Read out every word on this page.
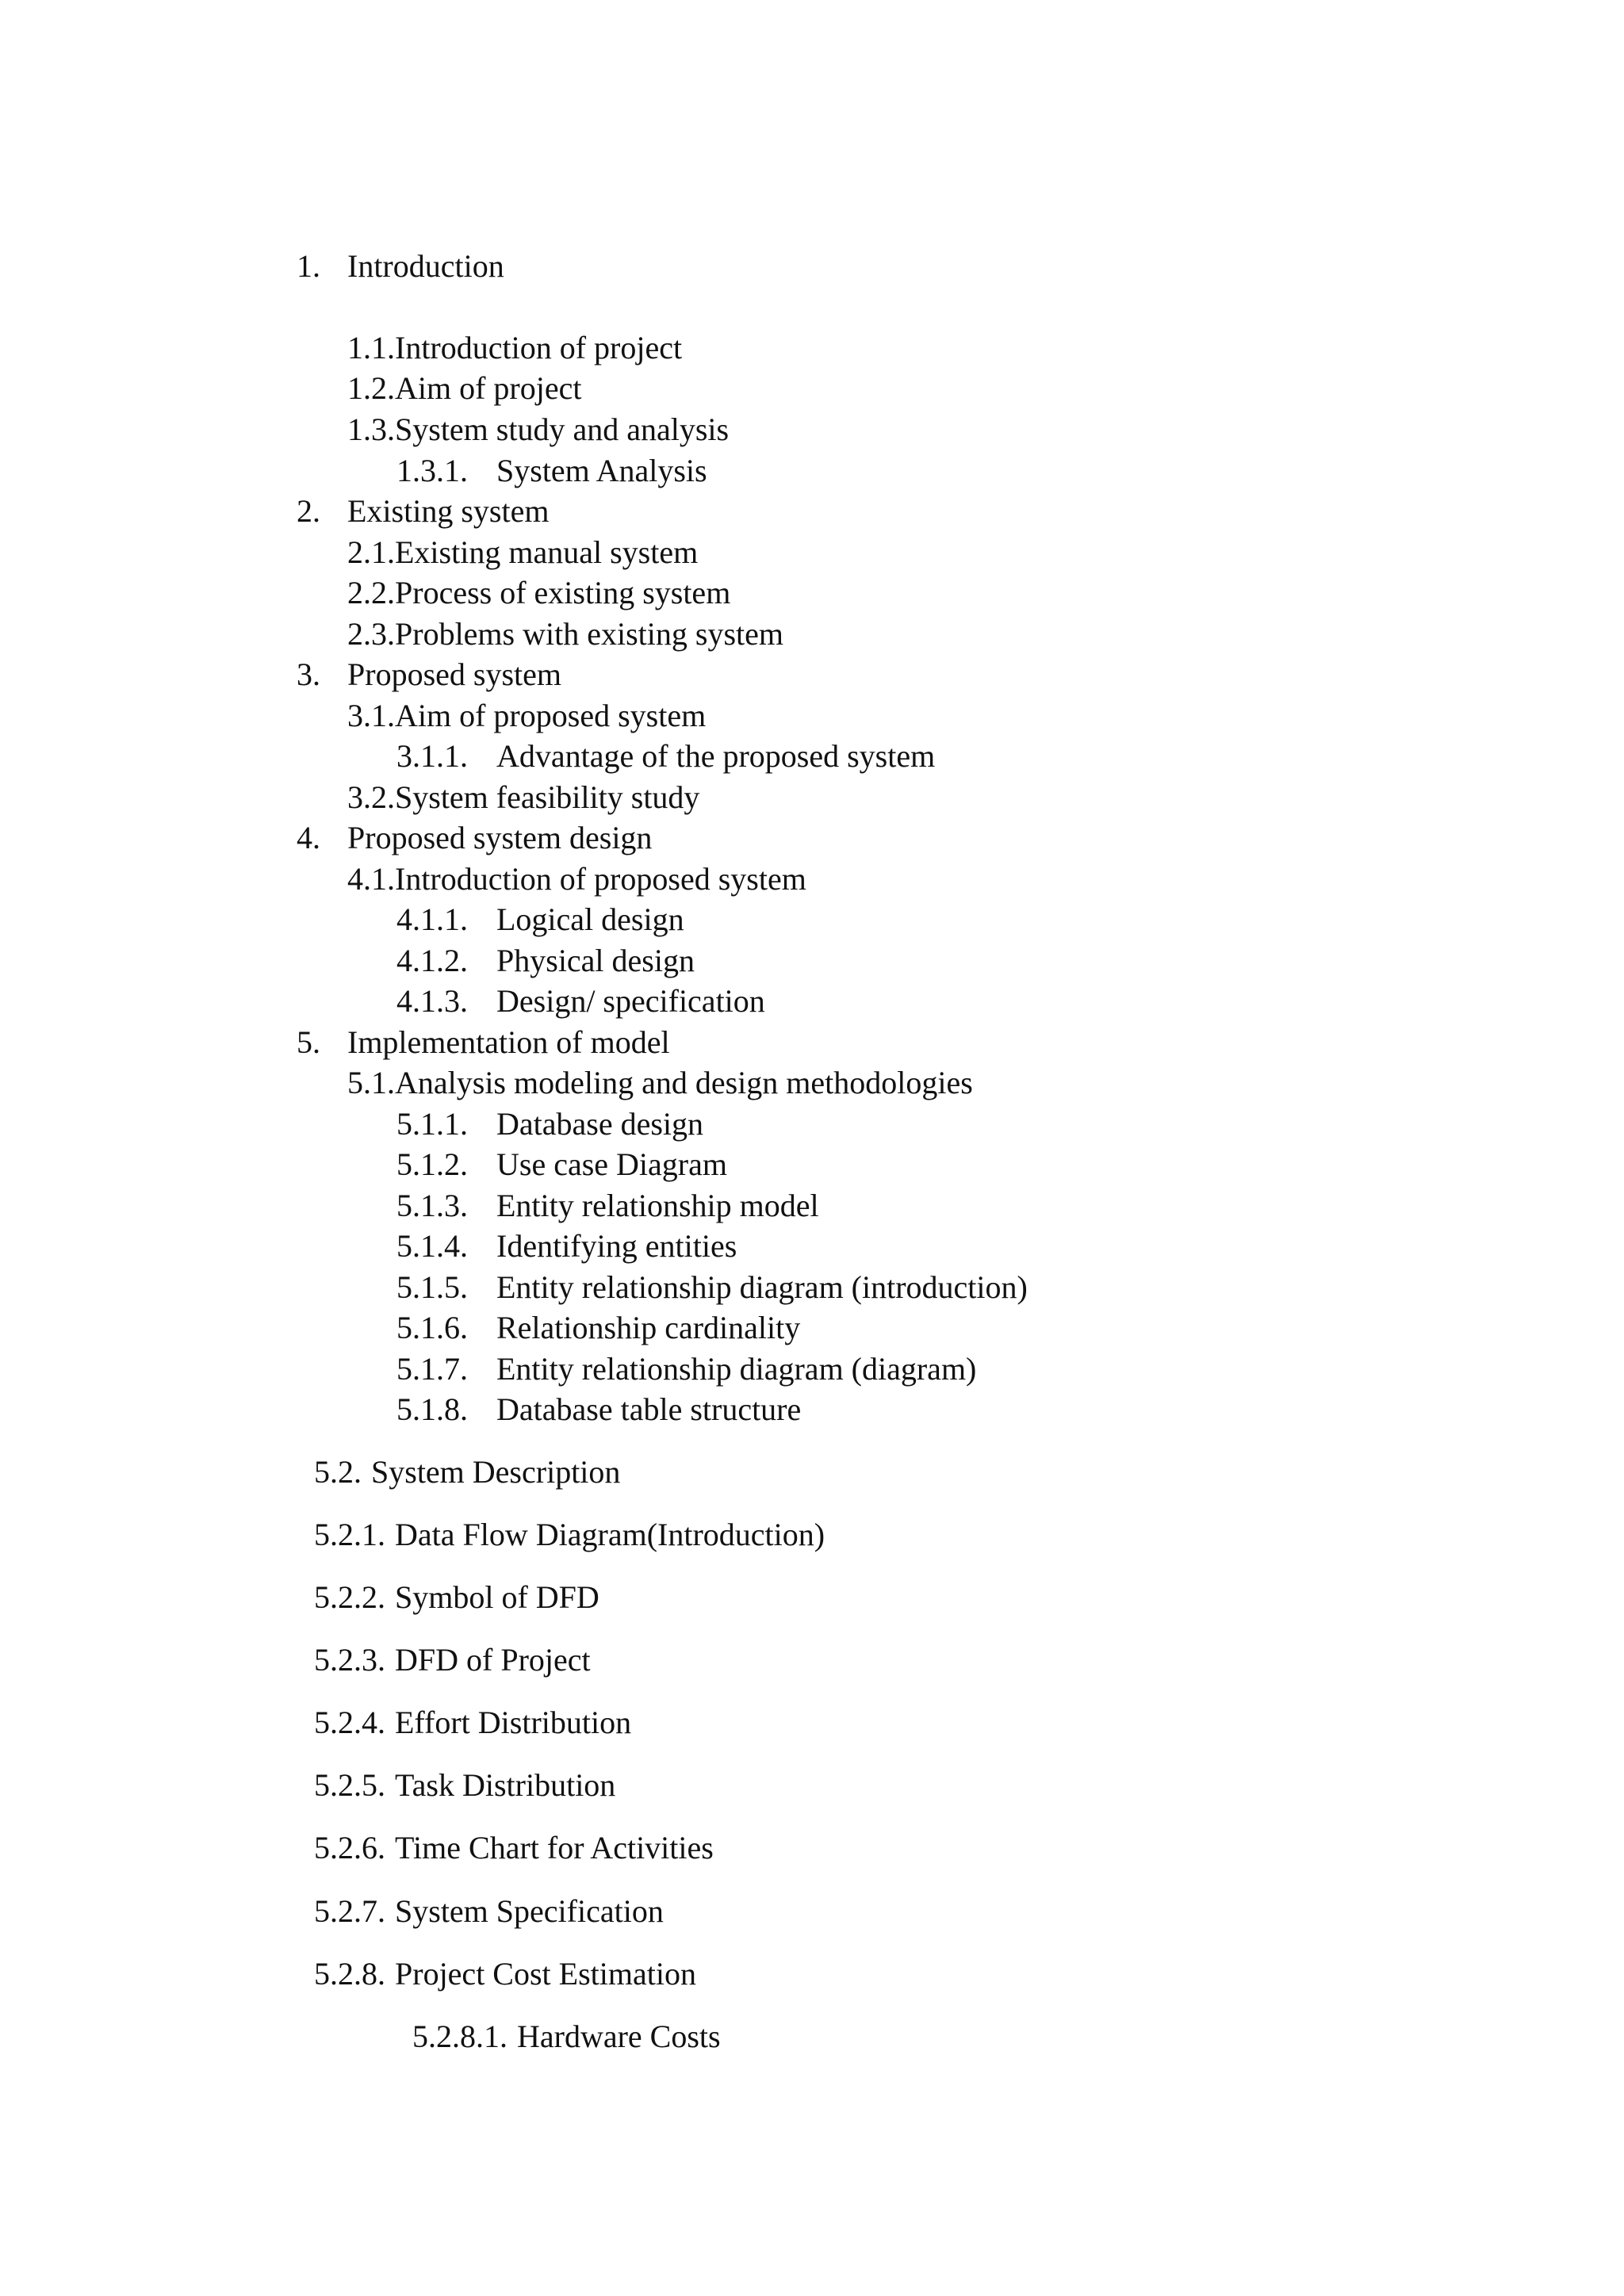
1. Introduction
1.1.Introduction of project
1.2.Aim of project
1.3.System study and analysis
1.3.1. System Analysis
2. Existing system
2.1.Existing manual system
2.2.Process of existing system
2.3.Problems with existing system
3. Proposed system
3.1.Aim of proposed system
3.1.1. Advantage of the proposed system
3.2.System feasibility study
4. Proposed system design
4.1.Introduction of proposed system
4.1.1. Logical design
4.1.2. Physical design
4.1.3. Design/ specification
5. Implementation of model
5.1.Analysis modeling and design methodologies
5.1.1. Database design
5.1.2. Use case Diagram
5.1.3. Entity relationship model
5.1.4. Identifying entities
5.1.5. Entity relationship diagram (introduction)
5.1.6. Relationship cardinality
5.1.7. Entity relationship diagram (diagram)
5.1.8. Database table structure
5.2. System Description
5.2.1. Data Flow Diagram(Introduction)
5.2.2. Symbol of DFD
5.2.3. DFD of Project
5.2.4. Effort Distribution
5.2.5. Task Distribution
5.2.6. Time Chart for Activities
5.2.7. System Specification
5.2.8. Project Cost Estimation
5.2.8.1. Hardware Costs
